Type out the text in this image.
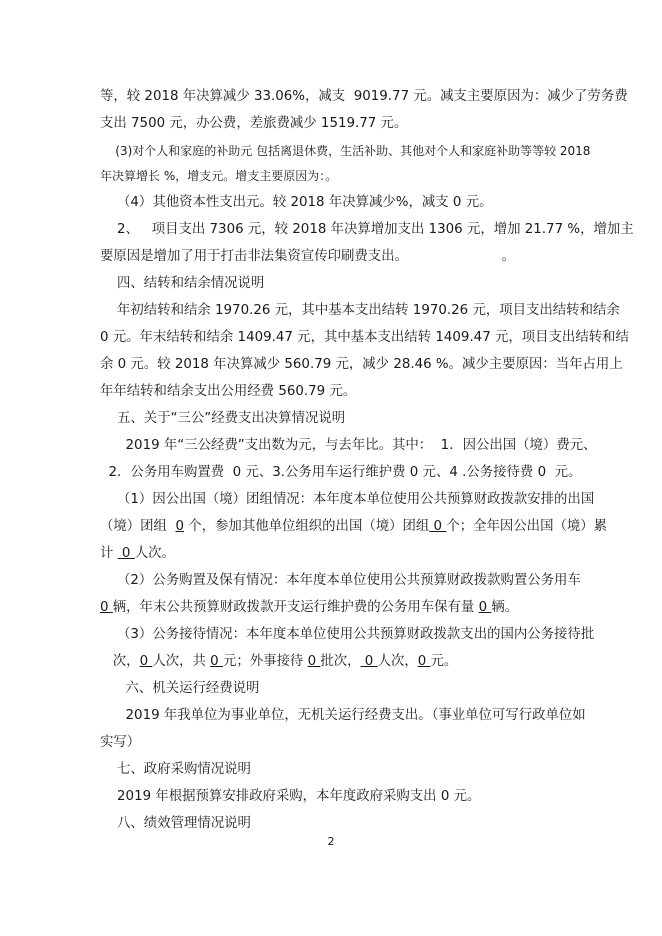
等，较 2018 年决算减少 33.06%，减支  9019.77 元。减支主要原因为：减少了劳务费
支出 7500 元，办公费，差旅费减少 1519.77 元。
(3)对个人和家庭的补助元 包括离退休费，生活补助、其他对个人和家庭补助等等较 2018
年决算增长 %，增支元。增支主要原因为：。
（4）其他资本性支出元。较 2018 年决算减少%，减支 0 元。
2、   项目支出 7306 元，较 2018 年决算增加支出 1306 元，增加 21.77 %，增加主
要原因是增加了用于打击非法集资宣传印刷费支出。                      。
四、结转和结余情况说明
年初结转和结余 1970.26 元，其中基本支出结转 1970.26 元，项目支出结转和结余
0 元。年末结转和结余 1409.47 元，其中基本支出结转 1409.47 元，项目支出结转和结
余 0 元。较 2018 年决算减少 560.79 元，减少 28.46 %。减少主要原因：当年占用上
年年结转和结余支出公用经费 560.79 元。
五、关于“三公”经费支出决算情况说明
2019 年“三公经费”支出数为元，与去年比。其中：  1．因公出国（境）费元、
2．公务用车购置费  0 元、3.公务用车运行维护费 0 元、4 .公务接待费 0  元。
（1）因公出国（境）团组情况：本年度本单位使用公共预算财政拨款安排的出国
（境）团组  0 个，参加其他单位组织的出国（境）团组 0 个；全年因公出国（境）累
计  0 人次。
（2）公务购置及保有情况：本年度本单位使用公共预算财政拨款购置公务用车
0 辆，年末公共预算财政拨款开支运行维护费的公务用车保有量 0 辆。
（3）公务接待情况：本年度本单位使用公共预算财政拨款支出的国内公务接待批
次，0 人次，共 0 元；外事接待 0 批次， 0 人次，0 元。
六、机关运行经费说明
2019 年我单位为事业单位，无机关运行经费支出。（事业单位可写行政单位如
实写）
七、政府采购情况说明
2019 年根据预算安排政府采购，本年度政府采购支出 0 元。
八、绩效管理情况说明
2
